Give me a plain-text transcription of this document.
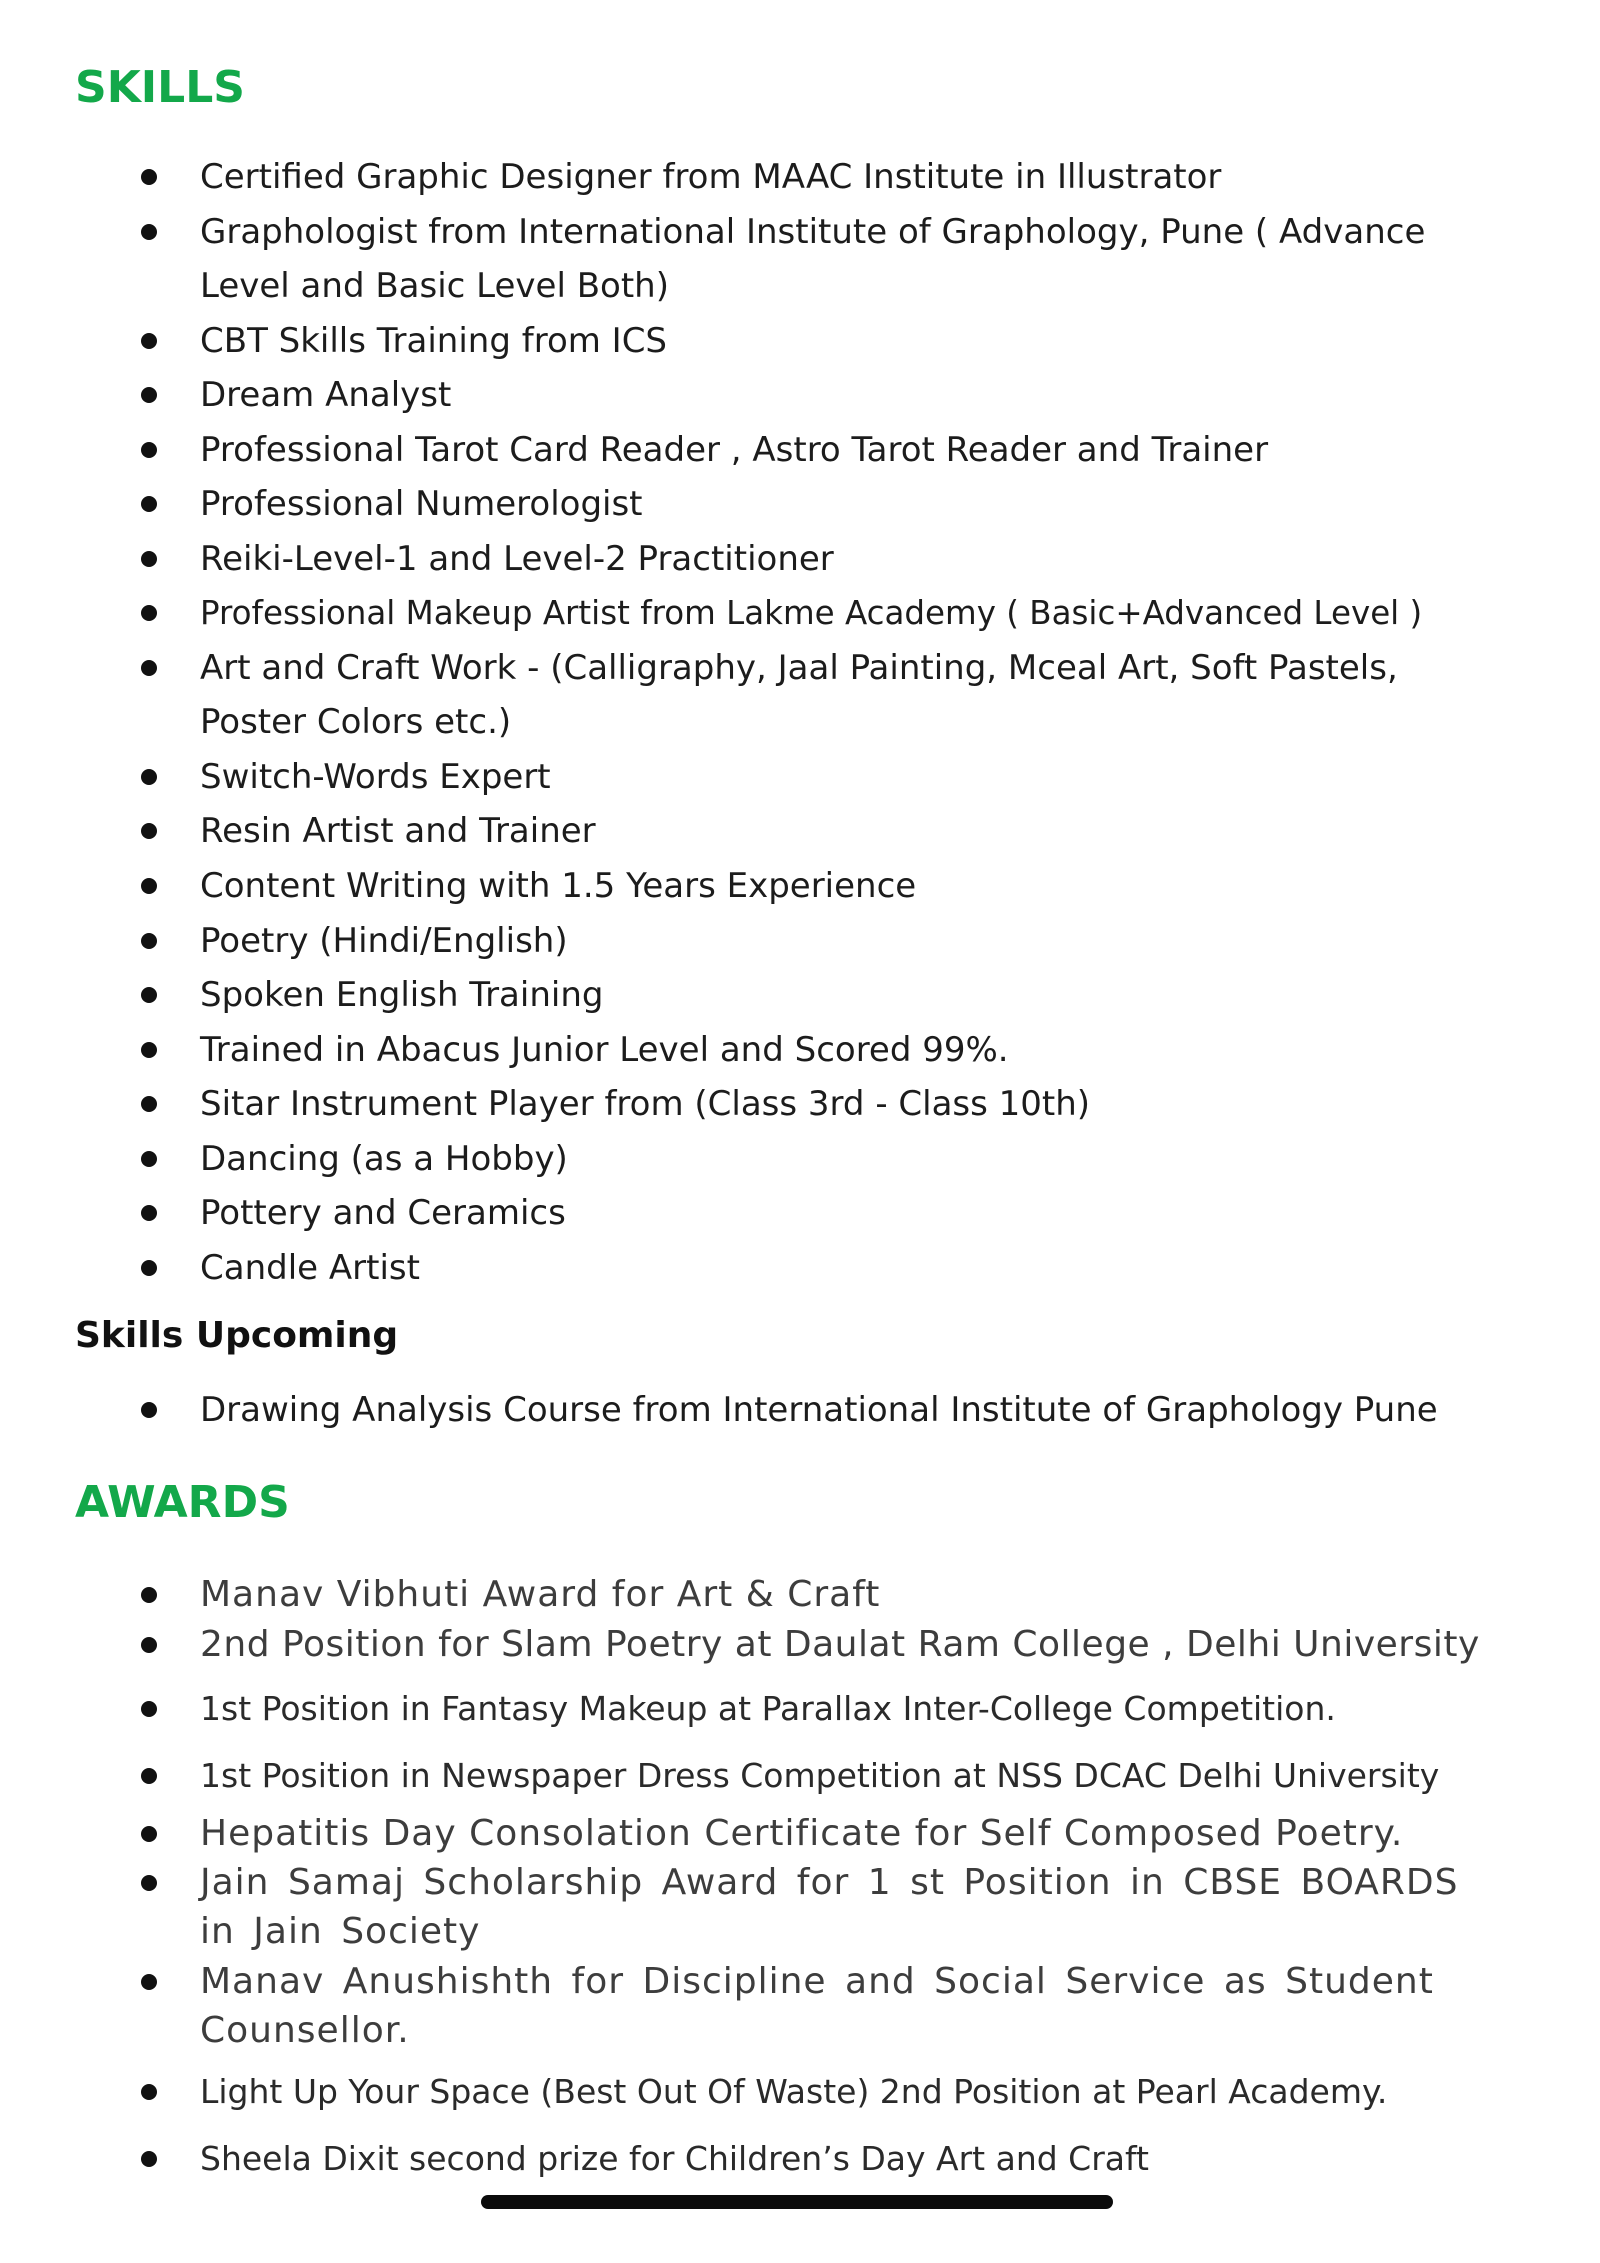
SKILLS
Certified Graphic Designer from MAAC Institute in Illustrator
Graphologist from International Institute of Graphology, Pune ( Advance Level and Basic Level Both)
CBT Skills Training from ICS
Dream Analyst
Professional Tarot Card Reader , Astro Tarot Reader and Trainer
Professional Numerologist
Reiki-Level-1 and Level-2 Practitioner
Professional Makeup Artist from Lakme Academy ( Basic+Advanced Level )
Art and Craft Work - (Calligraphy, Jaal Painting, Mceal Art, Soft Pastels, Poster Colors etc.)
Switch-Words Expert
Resin Artist and Trainer
Content Writing with 1.5 Years Experience
Poetry (Hindi/English)
Spoken English Training
Trained in Abacus Junior Level and Scored 99%.
Sitar Instrument Player from (Class 3rd - Class 10th)
Dancing (as a Hobby)
Pottery and Ceramics
Candle Artist
Skills Upcoming
Drawing Analysis Course from International Institute of Graphology Pune
AWARDS
Manav Vibhuti Award for Art & Craft
2nd Position for Slam Poetry at Daulat Ram College , Delhi University
1st Position in Fantasy Makeup at Parallax Inter-College Competition.
1st Position in Newspaper Dress Competition at NSS DCAC Delhi University
Hepatitis Day Consolation Certificate for Self Composed Poetry.
Jain Samaj Scholarship Award for 1 st Position in CBSE BOARDS in Jain Society
Manav Anushishth for Discipline and Social Service as Student Counsellor.
Light Up Your Space (Best Out Of Waste) 2nd Position at Pearl Academy.
Sheela Dixit second prize for Children’s Day Art and Craft
